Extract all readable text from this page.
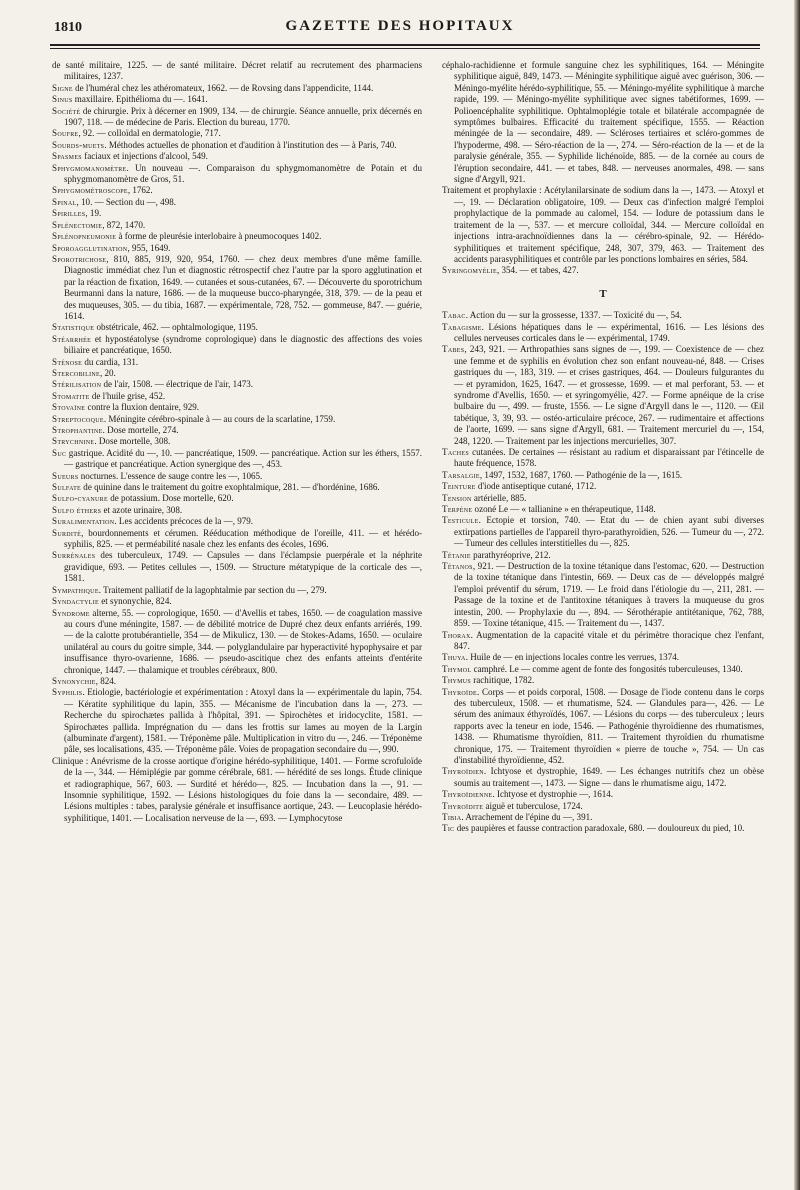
1810	GAZETTE DES HOPITAUX

de santé militaire, 1225. — de santé militaire. Décret relatif au recrutement des pharmaciens militaires, 1237.

Signe de l'huméral chez les athéromateux, 1662. — de Rovsing dans l'appendicite, 1144.

Sinus maxillaire. Epithélioma du —. 1641.

Société de chirurgie. Prix à décerner en 1909, 134. — de chirurgie. Séance annuelle, prix décernés en 1907, 118. — de médecine de Paris. Election du bureau, 1770.

Soufre, 92. — colloïdal en dermatologie, 717.

Sourds-muets. Méthodes actuelles de phonation et d'audition à l'institution des — à Paris, 740.

Spasmes faciaux et injections d'alcool, 549.

Sphygmomanomètre. Un nouveau —. Comparaison du sphygmomanomètre de Potain et du sphygmomanomètre de Gros, 51.

Sphygmométroscope, 1762.

Spinal, 10. — Section du —, 498.

Spirilles, 19.

Splénectomie, 872, 1470.

Splénopneumonie à forme de pleurésie interlobaire à pneumocoques 1402.

Sporoagglutination, 955, 1649.

Sporotrichose, 810, 885, 919, 920, 954, 1760. — chez deux membres d'une même famille. Diagnostic immédiat chez l'un et diagnostic rétrospectif chez l'autre par la sporo agglutination et par la réaction de fixation, 1649. — cutanées et sous-cutanées, 67. — Découverte du sporotrichum Beurmanni dans la nature, 1686. — de la muqueuse bucco-pharyngée, 318, 379. — de la peau et des muqueuses, 305. — du tibia, 1687. — expérimentale, 728, 752. — gommeuse, 847. — guérie, 1614.

Statistique obstétricale, 462. — ophtalmologique, 1195.

Stéarrhée et hypostéatolyse (syndrome coprologique) dans le diagnostic des affections des voies biliaire et pancréatique, 1650.

Sténose du cardia, 131.

Stercobiline, 20.

Stérilisation de l'air, 1508. — électrique de l'air, 1473.

Stomatite de l'huile grise, 452.

Stovaïne contre la fluxion dentaire, 929.

Streptocoque. Méningite cérébro-spinale à — au cours de la scarlatine, 1759.

Strophantine. Dose mortelle, 274.

Strychnine. Dose mortelle, 308.

Suc gastrique. Acidité du —, 10. — pancréatique, 1509. — pancréatique. Action sur les éthers, 1557. — gastrique et pancréatique. Action synergique des —, 453.

Sueurs nocturnes. L'essence de sauge contre les —, 1065.

Sulfate de quinine dans le traitement du goitre exophtalmique, 281. — d'hordénine, 1686.

Sulfo-cyanure de potassium. Dose mortelle, 620.

Sulfo éthers et azote urinaire, 308.

Suralimentation. Les accidents précoces de la —, 979.

Surdité, bourdonnements et cérumen. Rééducation méthodique de l'oreille, 411. — et hérédo-syphilis, 825. — et perméabilité nasale chez les enfants des écoles, 1696.

Surrénales des tuberculeux, 1749. — Capsules — dans l'éclampsie puerpérale et la néphrite gravidique, 693. — Petites cellules —, 1509. — Structure métatypique de la corticale des —, 1581.

Sympathique. Traitement palliatif de la lagophtalmie par section du —, 279.

Syndactylie et synonychie, 824.

Syndrome alterne, 55. — coprologique, 1650. — d'Avellis et tabes, 1650. — de coagulation massive au cours d'une méningite, 1587. — de débilité motrice de Dupré chez deux enfants arriérés, 199. — de la calotte protubérantielle, 354 — de Mikulicz, 130. — de Stokes-Adams, 1650. — oculaire unilatéral au cours du goitre simple, 344. — polyglandulaire par hyperactivité hypophysaire et par insuffisance thyro-ovarienne, 1686. — pseudo-ascitique chez des enfants atteints d'entérite chronique, 1447. — thalamique et troubles cérébraux, 800.

Synonychie, 824.

Syphilis. Etiologie, bactériologie et expérimentation : Atoxyl dans la — expérimentale du lapin, 754. — Kératite syphilitique du lapin, 355. — Mécanisme de l'incubation dans la —, 273. — Recherche du spirochætes pallida à l'hôpital, 391. — Spirochètes et iridocyclite, 1581. — Spirochætes pallida. Imprégnation du — dans les frottis sur lames au moyen de la Largin (albuminate d'argent), 1581. — Tréponème pâle. Multiplication in vitro du —, 246. — Tréponème pâle, ses localisations, 435. — Tréponème pâle. Voies de propagation secondaire du —, 990.

Clinique : Anévrisme de la crosse aortique d'origine hérédo-syphilitique, 1401. — Forme scrofuloïde de la —, 344. — Hémiplégie par gomme cérébrale, 681. — hérédité de ses longs. Étude clinique et radiographique, 567, 603. — Surdité et hérédo—, 825. — Incubation dans la —, 91. — Insomnie syphilitique, 1592. — Lésions histologiques du foie dans la — secondaire, 489. — Lésions multiples : tabes, paralysie générale et insuffisance aortique, 243. — Leucoplasie hérédo-syphilitique, 1401. — Localisation nerveuse de la —, 693. — Lymphocytose

céphalo-rachidienne et formule sanguine chez les syphilitiques, 164. — Méningite syphilitique aiguë, 849, 1473. — Méningite syphilitique aiguë avec guérison, 306. — Méningo-myélite hérédo-syphilitique, 55. — Méningo-myélite syphilitique à marche rapide, 199. — Méningo-myélite syphilitique avec signes tabétiformes, 1699. — Polioencéphalite syphilitique. Ophtalmoplégie totale et bilatérale accompagnée de symptômes bulbaires. Efficacité du traitement spécifique, 1555. — Réaction méningée de la — secondaire, 489. — Scléroses tertiaires et scléro-gommes de l'hypoderme, 498. — Séro-réaction de la —, 274. — Séro-réaction de la — et de la paralysie générale, 355. — Syphilide lichénoïde, 885. — de la cornée au cours de l'éruption secondaire, 441. — et tabes, 848. — nerveuses anormales, 498. — sans signe d'Argyll, 921.

Traitement et prophylaxie : Acétylanilarsinate de sodium dans la —, 1473. — Atoxyl et —, 19. — Déclaration obligatoire, 109. — Deux cas d'infection malgré l'emploi prophylactique de la pommade au calomel, 154. — Iodure de potassium dans le traitement de la —, 537. — et mercure colloïdal, 344. — Mercure colloïdal en injections intra-arachnoïdiennes dans la — cérébro-spinale, 92. — Hérédo-syphilitiques et traitement spécifique, 248, 307, 379, 463. — Traitement des accidents parasyphilitiques et contrôle par les ponctions lombaires en séries, 584.

Syringomyélie, 354. — et tabes, 427.

T

Tabac. Action du — sur la grossesse, 1337. — Toxicité du —, 54.

Tabagisme. Lésions hépatiques dans le — expérimental, 1616. — Les lésions des cellules nerveuses corticales dans le — expérimental, 1749.

Tabes, 243, 921. — Arthropathies sans signes de —, 199. — Coexistence de — chez une femme et de syphilis en évolution chez son enfant nouveau-né, 848. — Crises gastriques du —, 183, 319. — et crises gastriques, 464. — Douleurs fulgurantes du — et pyramidon, 1625, 1647. — et grossesse, 1699. — et mal perforant, 53. — et syndrome d'Avellis, 1650. — et syringomyélie, 427. — Forme apnéique de la crise bulbaire du —, 499. — fruste, 1556. — Le signe d'Argyll dans le —, 1120. — Œil tabétique, 3, 39, 93. — ostéo-articulaire précoce, 267. — rudimentaire et affections de l'aorte, 1699. — sans signe d'Argyll, 681. — Traitement mercuriel du —, 154, 248, 1220. — Traitement par les injections mercurielles, 307.

Taches cutanées. De certaines — résistant au radium et disparaissant par l'étincelle de haute fréquence, 1578.

Tarsalgie, 1497, 1532, 1687, 1760. — Pathogénie de la —, 1615.

Teinture d'iode antiseptique cutané, 1712.

Tension artérielle, 885.

Terpène ozoné Le — « tallianine » en thérapeutique, 1148.

Testicule. Ectopie et torsion, 740. — Etat du — de chien ayant subi diverses extirpations partielles de l'appareil thyro-parathyroïdien, 526. — Tumeur du —, 272. — Tumeur des cellules interstitielles du —, 825.

Tétanie parathyréoprive, 212.

Tétanos, 921. — Destruction de la toxine tétanique dans l'estomac, 620. — Destruction de la toxine tétanique dans l'intestin, 669. — Deux cas de — développés malgré l'emploi préventif du sérum, 1719. — Le froid dans l'étiologie du —, 211, 281. — Passage de la toxine et de l'antitoxine tétaniques à travers la muqueuse du gros intestin, 200. — Prophylaxie du —, 894. — Sérothérapie antitétanique, 762, 788, 859. — Toxine tétanique, 415. — Traitement du —, 1437.

Thorax. Augmentation de la capacité vitale et du périmètre thoracique chez l'enfant, 847.

Thuya. Huile de — en injections locales contre les verrues, 1374.

Thymol camphré. Le — comme agent de fonte des fongosités tuberculeuses, 1340.

Thymus rachitique, 1782.

Thyroïde. Corps — et poids corporal, 1508. — Dosage de l'iode contenu dans le corps des tuberculeux, 1508. — et rhumatisme, 524. — Glandules para—, 426. — Le sérum des animaux éthyroïdés, 1067. — Lésions du corps — des tuberculeux ; leurs rapports avec la teneur en iode, 1546. — Pathogénie thyroïdienne des rhumatismes, 1438. — Rhumatisme thyroïdien, 811. — Traitement thyroïdien du rhumatisme chronique, 175. — Traitement thyroïdien « pierre de touche », 754. — Un cas d'instabilité thyroïdienne, 452.

Thyroïdien. Ichtyose et dystrophie, 1649. — Les échanges nutritifs chez un obèse soumis au traitement —, 1473. — Signe — dans le rhumatisme aigu, 1472.

Thyroïdienne. Ichtyose et dystrophie —, 1614.

Thyroïdite aiguë et tuberculose, 1724.

Tibia. Arrachement de l'épine du —, 391.

Tic des paupières et fausse contraction paradoxale, 680. — douloureux du pied, 10.
